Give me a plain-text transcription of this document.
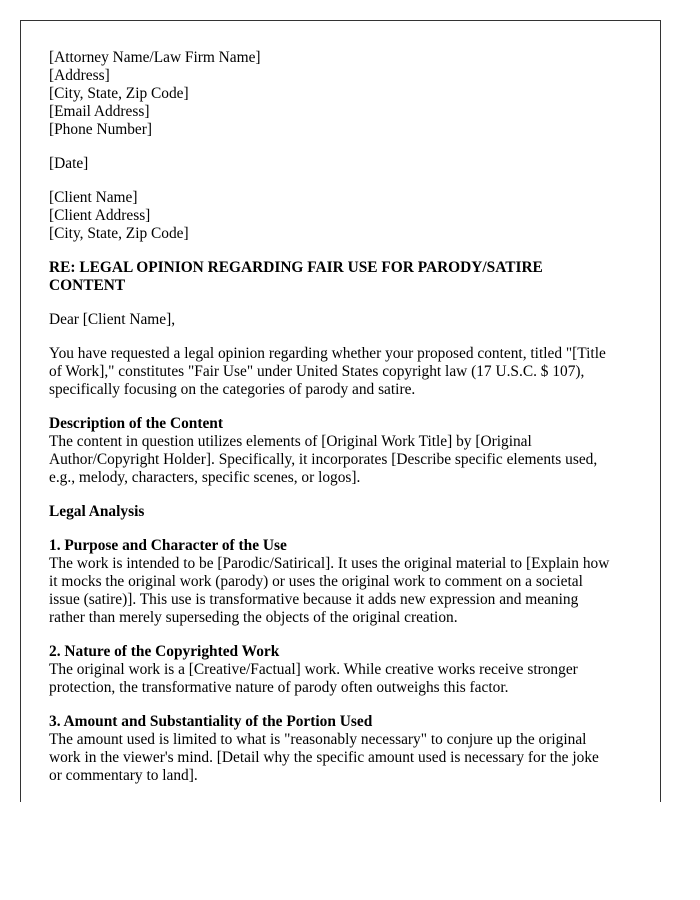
[Attorney Name/Law Firm Name]
[Address]
[City, State, Zip Code]
[Email Address]
[Phone Number]
[Date]
[Client Name]
[Client Address]
[City, State, Zip Code]
RE: LEGAL OPINION REGARDING FAIR USE FOR PARODY/SATIRE
CONTENT
Dear [Client Name],
You have requested a legal opinion regarding whether your proposed content, titled "[Title
of Work]," constitutes "Fair Use" under United States copyright law (17 U.S.C. $ 107),
specifically focusing on the categories of parody and satire.
Description of the Content
The content in question utilizes elements of [Original Work Title] by [Original
Author/Copyright Holder]. Specifically, it incorporates [Describe specific elements used,
e.g., melody, characters, specific scenes, or logos].
Legal Analysis
1. Purpose and Character of the Use
The work is intended to be [Parodic/Satirical]. It uses the original material to [Explain how
it mocks the original work (parody) or uses the original work to comment on a societal
issue (satire)]. This use is transformative because it adds new expression and meaning
rather than merely superseding the objects of the original creation.
2. Nature of the Copyrighted Work
The original work is a [Creative/Factual] work. While creative works receive stronger
protection, the transformative nature of parody often outweighs this factor.
3. Amount and Substantiality of the Portion Used
The amount used is limited to what is "reasonably necessary" to conjure up the original
work in the viewer's mind. [Detail why the specific amount used is necessary for the joke
or commentary to land].
